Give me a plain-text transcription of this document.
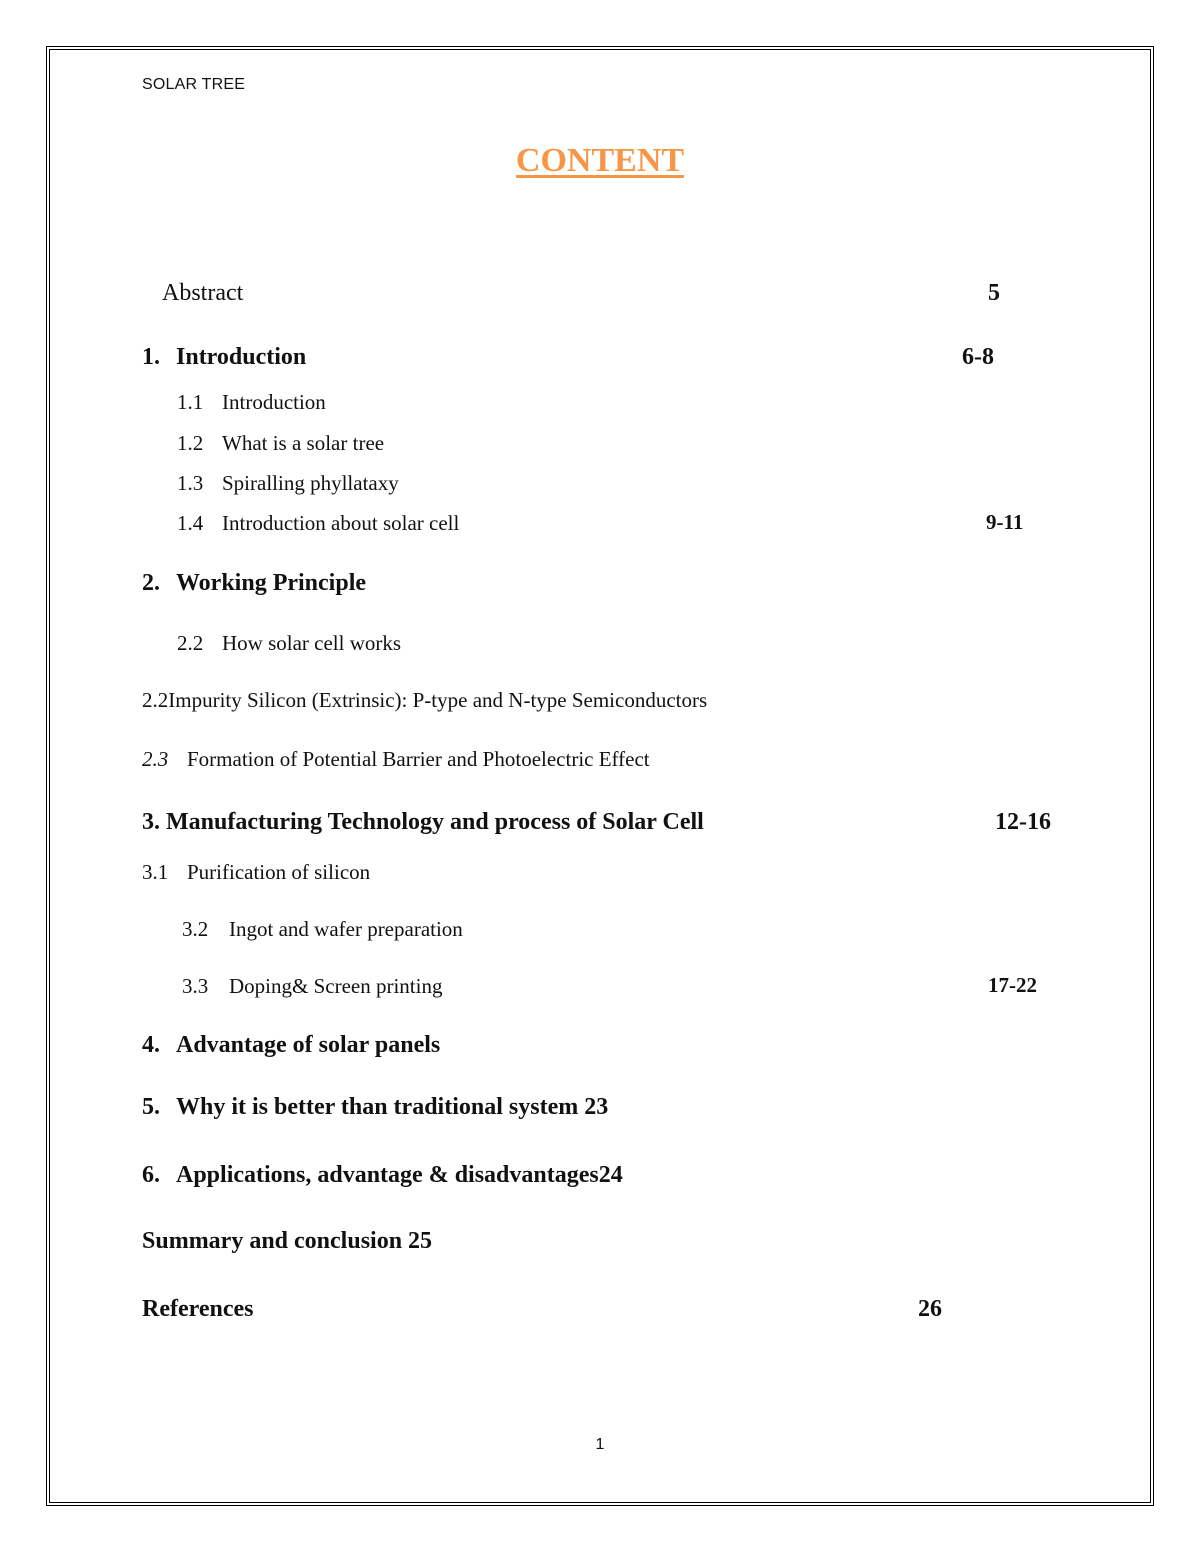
SOLAR TREE
CONTENT
Abstract	5
1. Introduction	6-8
1.1 Introduction
1.2 What is a solar tree
1.3 Spiralling phyllataxy
1.4 Introduction about solar cell	9-11
2. Working Principle
2.2 How solar cell works
2.2Impurity Silicon (Extrinsic): P-type and N-type Semiconductors
2.3 Formation of Potential Barrier and Photoelectric Effect
3. Manufacturing Technology and process of Solar Cell	12-16
3.1 Purification of silicon
3.2 Ingot and wafer preparation
3.3 Doping& Screen printing	17-22
4. Advantage of solar panels
5. Why it is better than traditional system 23
6. Applications, advantage & disadvantages24
Summary and conclusion 25
References	26
1
